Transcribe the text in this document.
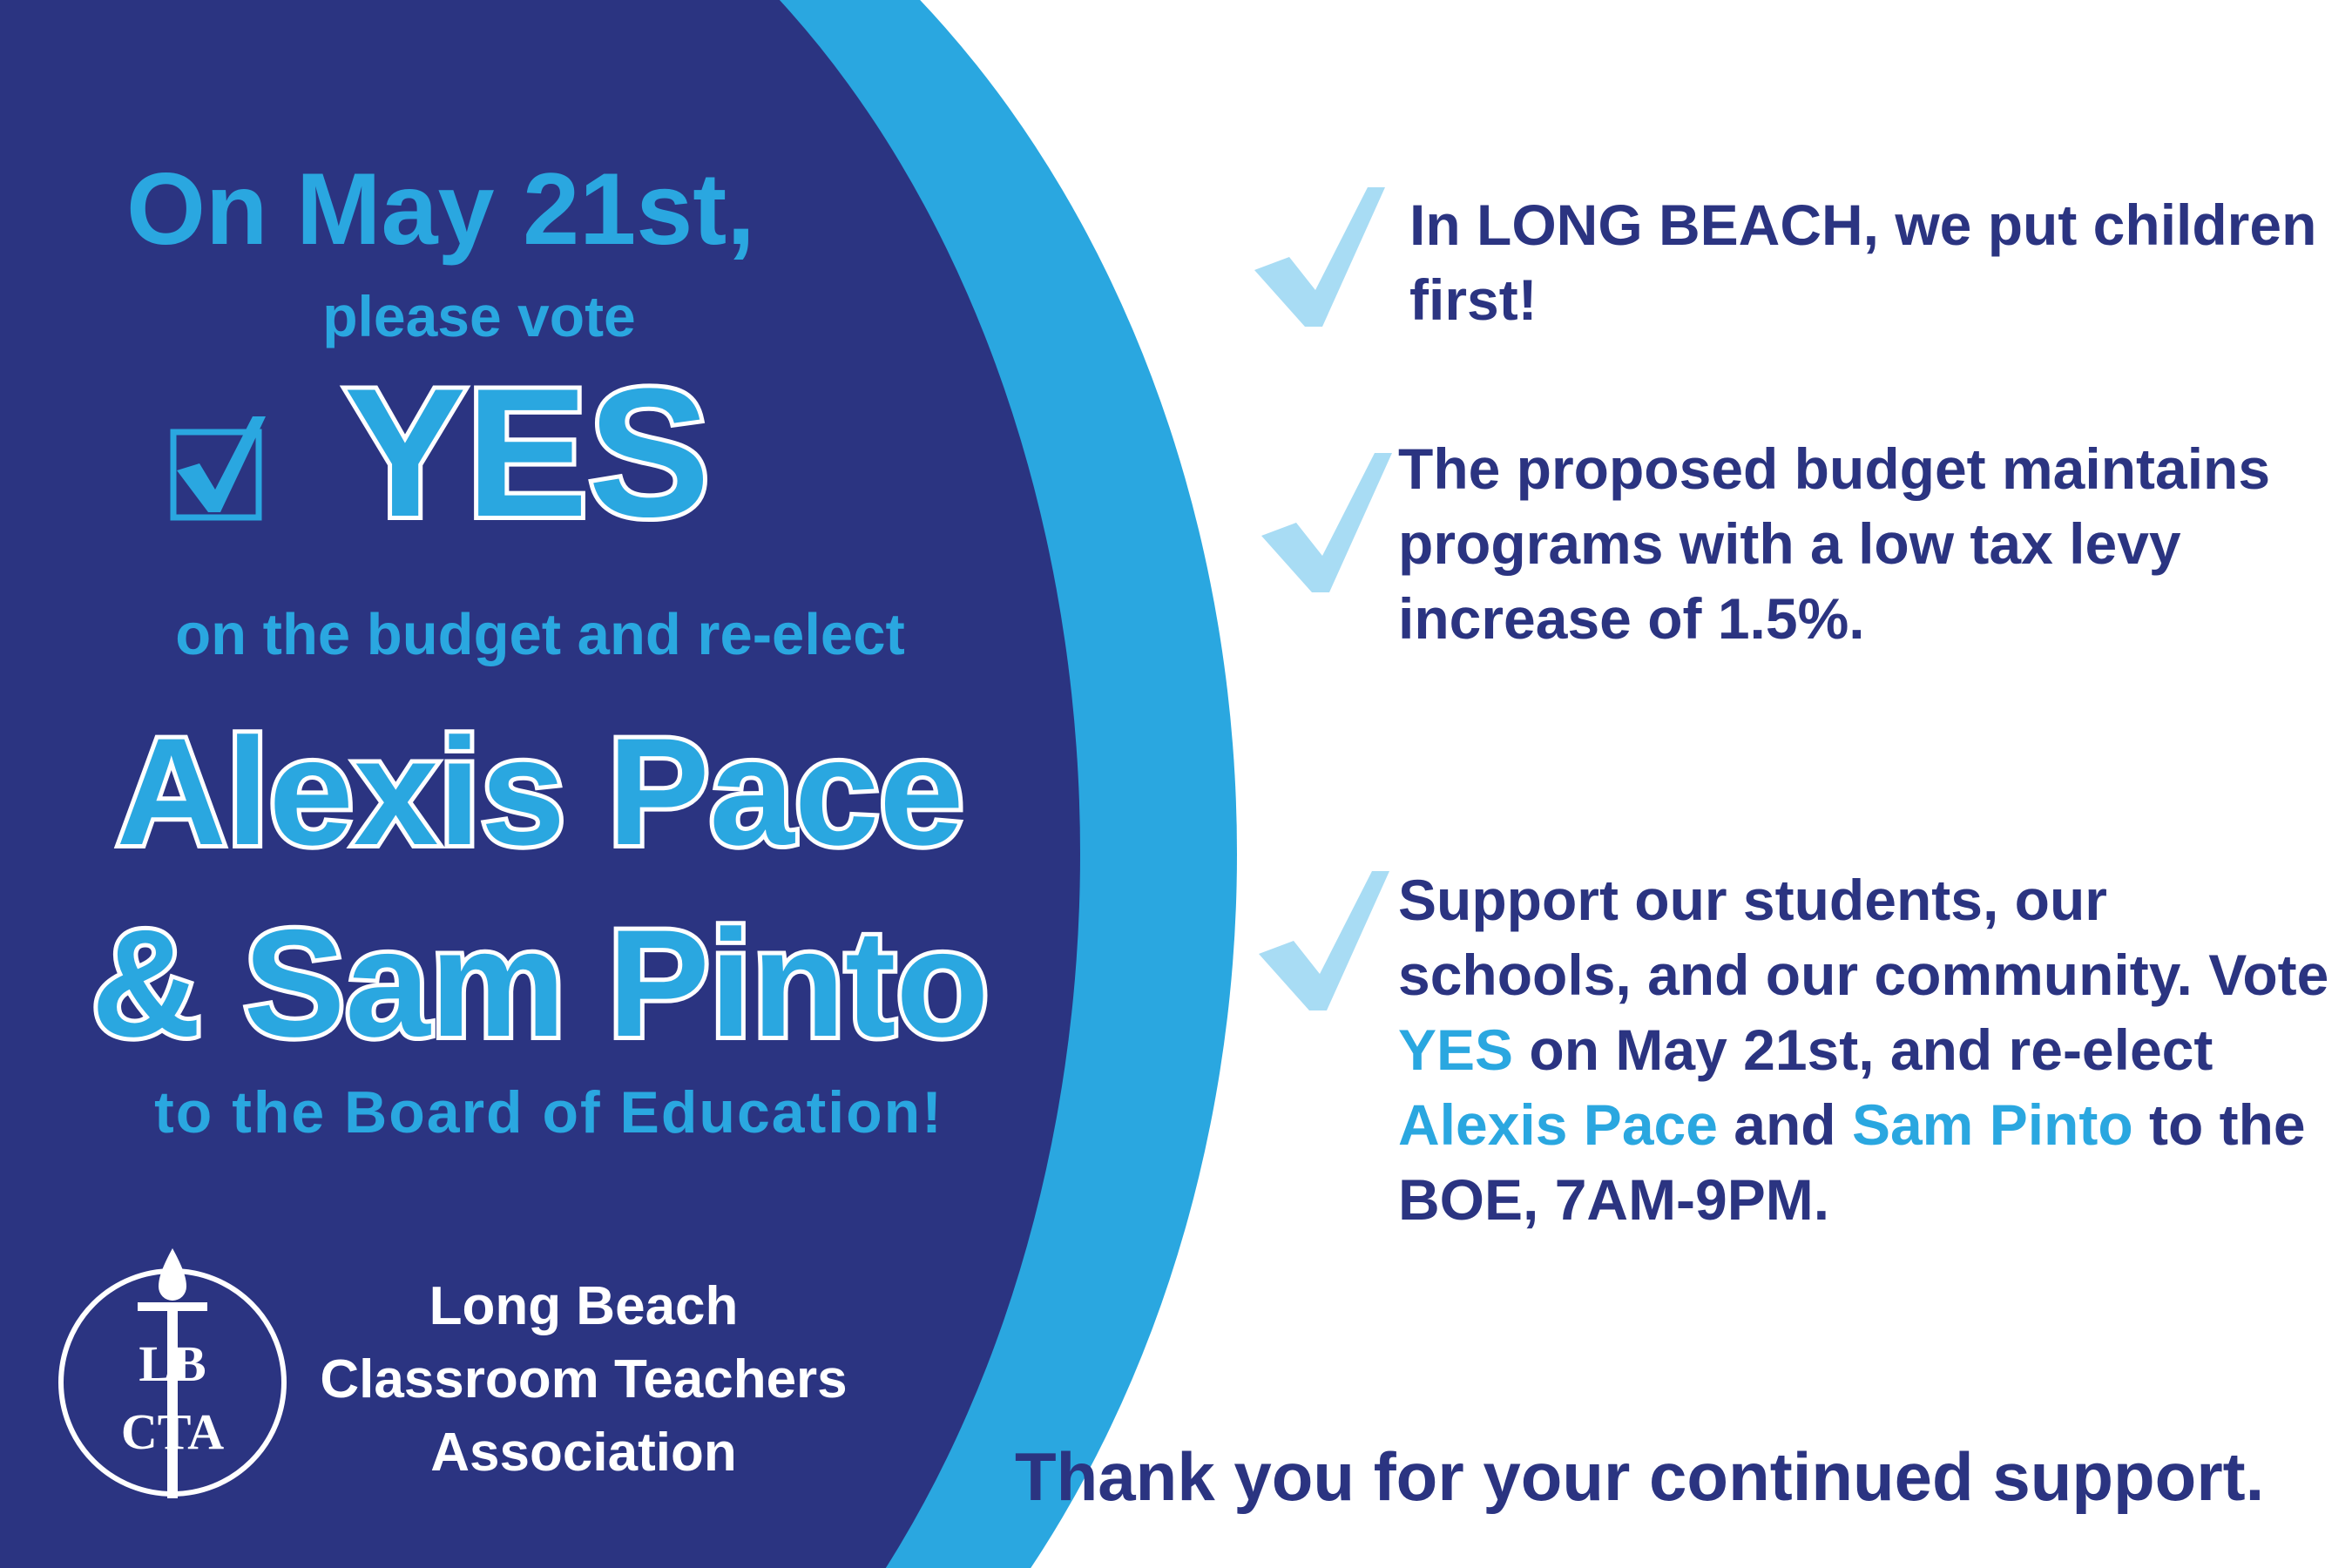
On May 21st,
please vote
YES
on the budget and re-elect
Alexis Pace
& Sam Pinto
to the Board of Education!
LB
CTA
Long Beach
Classroom Teachers
Association
In LONG BEACH, we put children first!
The proposed budget maintains programs with a low tax levy increase of 1.5%.
Support our students, our schools, and our community. Vote YES on May 21st, and re-elect Alexis Pace and Sam Pinto to the BOE, 7AM-9PM.
Thank you for your continued support.
